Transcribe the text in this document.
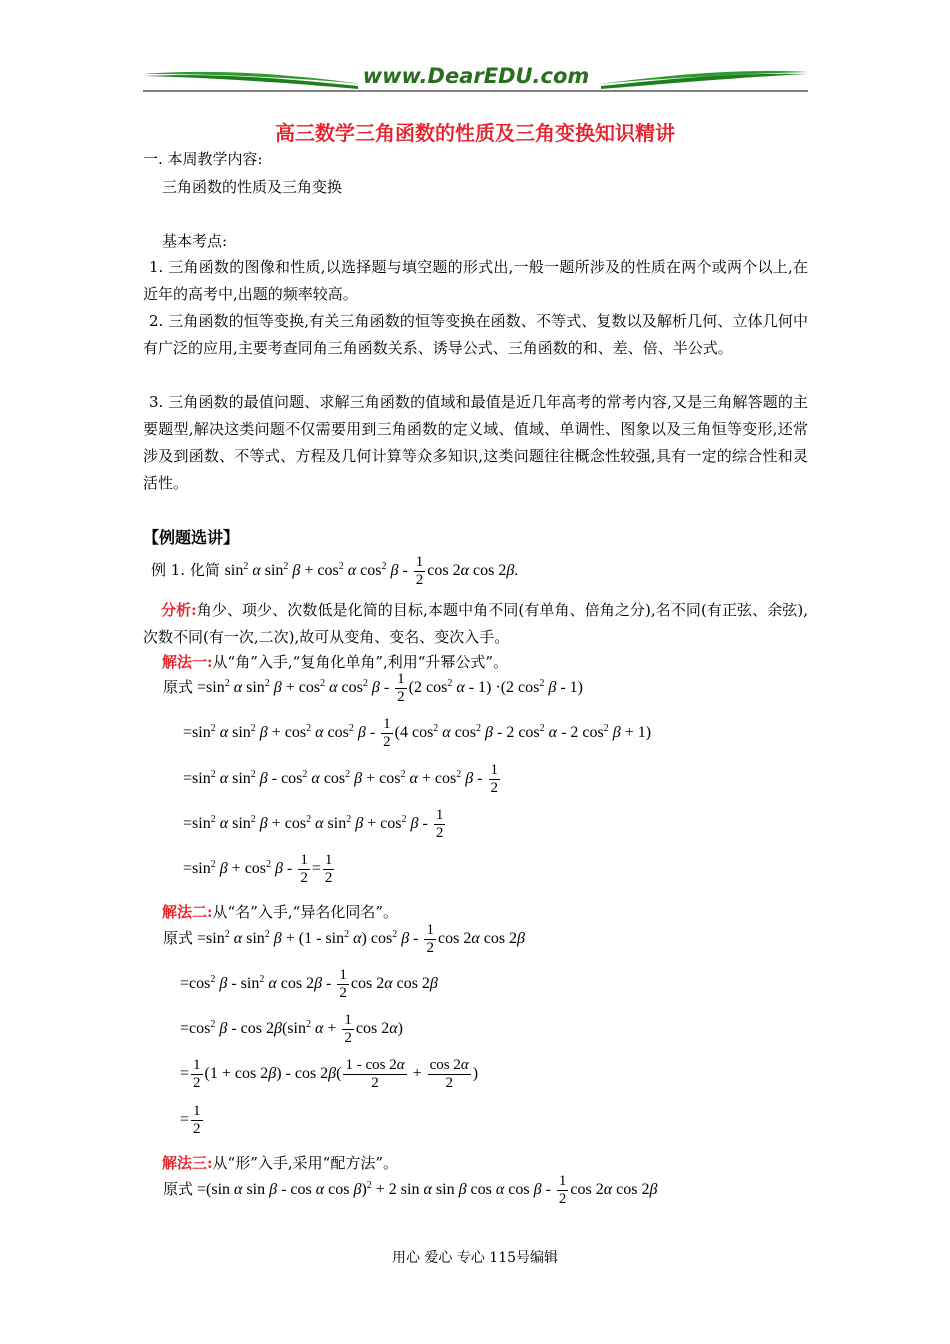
www.DearEDU.com
高三数学三角函数的性质及三角变换知识精讲
一. 本周教学内容:
三角函数的性质及三角变换
基本考点:
1. 三角函数的图像和性质,以选择题与填空题的形式出,一般一题所涉及的性质在两个或两个以上,在近年的高考中,出题的频率较高。
2. 三角函数的恒等变换,有关三角函数的恒等变换在函数、不等式、复数以及解析几何、立体几何中有广泛的应用,主要考查同角三角函数关系、诱导公式、三角函数的和、差、倍、半公式。
3. 三角函数的最值问题、求解三角函数的值域和最值是近几年高考的常考内容,又是三角解答题的主要题型,解决这类问题不仅需要用到三角函数的定义域、值域、单调性、图象以及三角恒等变形,还常涉及到函数、不等式、方程及几何计算等众多知识,这类问题往往概念性较强,具有一定的综合性和灵活性。
【例题选讲】
例 1. 化简 $\sin^2 \alpha$ $\sin^2 \beta + \cos^2 \alpha$ $\cos^2 \beta - \frac{1}{2}$ cos 2α cos 2β.
分析:角少、项少、次数低是化简的目标,本题中角不同(有单角、倍角之分),名不同(有正弦、余弦),次数不同(有一次,二次),故可从变角、变名、变次入手。
解法一:从“角”入手,“复角化单角”,利用“升幂公式”。
原式 $=\sin^2$ α $\sin^2 \beta + \cos^2 \alpha$ $\cos^2 \beta - \frac{1}{2} (2$ $\cos^2 \alpha - 1) \cdot(2$ $\cos^2 \beta - 1$)
$=\sin^2$ α $\sin^2 \beta + \cos^2 \alpha$ $\cos^2 \beta - \frac{1}{2} (4$ $\cos^2 \alpha$ $\cos^2 \beta - 2$ $\cos^2 \alpha - 2$ $\cos^2 \beta + 1$)
$=\sin^2$ α $\sin^2 \beta - \cos^2 \alpha$ $\cos^2 \beta + \cos^2 \alpha + \cos^2 \beta - \frac{1}{2}$
$=\sin^2$ α $\sin^2 \beta + \cos^2 \alpha$ $\sin^2 \beta + \cos^2 \beta - \frac{1}{2}$
$=\sin^2$ $\beta + \cos^2 \beta - \frac{1}{2} = \frac{1}{2}$
解法二:从“名”入手,“异名化同名”。
原式 $=\sin^2$ α $\sin^2 \beta + (1 - \sin^2 \alpha)$ $\cos^2 \beta - \frac{1}{2}$ cos 2α cos 2β
$=\cos^2$ β - $\sin^2 \alpha$ $\cos 2\beta - \frac{1}{2}$ cos 2α cos 2β
$=\cos^2$ β - $\cos 2\beta(\sin^2$ $\alpha + \frac{1}{2}$ cos 2α)
= $\frac{1}{2} (1 + \cos 2\beta) - \cos 2\beta( \frac{1 - \cos 2\alpha}{2} + \frac{\cos 2\alpha}{2}$ )
= $\frac{1}{2}$
解法三:从“形”入手,采用“配方法”。
原式 =(sin α sin β - cos α cos β)$^2$ + 2 sin α sin β cos α cos β - $\frac{1}{2}$ cos 2α cos 2β
用心 爱心 专心 115号编辑
